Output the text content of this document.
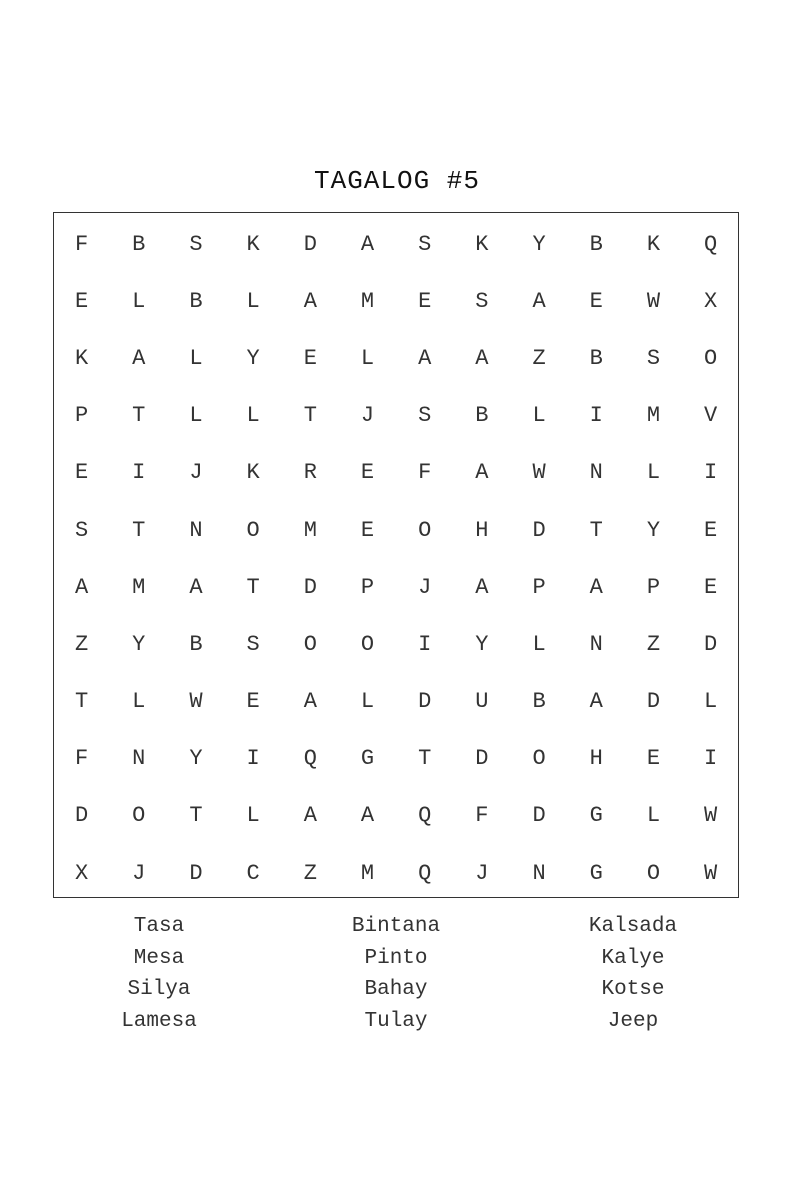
TAGALOG #5
F	B	S	K	D	A	S	K	Y	B	K	Q
E	L	B	L	A	M	E	S	A	E	W	X
K	A	L	Y	E	L	A	A	Z	B	S	O
P	T	L	L	T	J	S	B	L	I	M	V
E	I	J	K	R	E	F	A	W	N	L	I
S	T	N	O	M	E	O	H	D	T	Y	E
A	M	A	T	D	P	J	A	P	A	P	E
Z	Y	B	S	O	O	I	Y	L	N	Z	D
T	L	W	E	A	L	D	U	B	A	D	L
F	N	Y	I	Q	G	T	D	O	H	E	I
D	O	T	L	A	A	Q	F	D	G	L	W
X	J	D	C	Z	M	Q	J	N	G	O	W
Tasa
Mesa
Silya
Lamesa
Bintana
Pinto
Bahay
Tulay
Kalsada
Kalye
Kotse
Jeep
